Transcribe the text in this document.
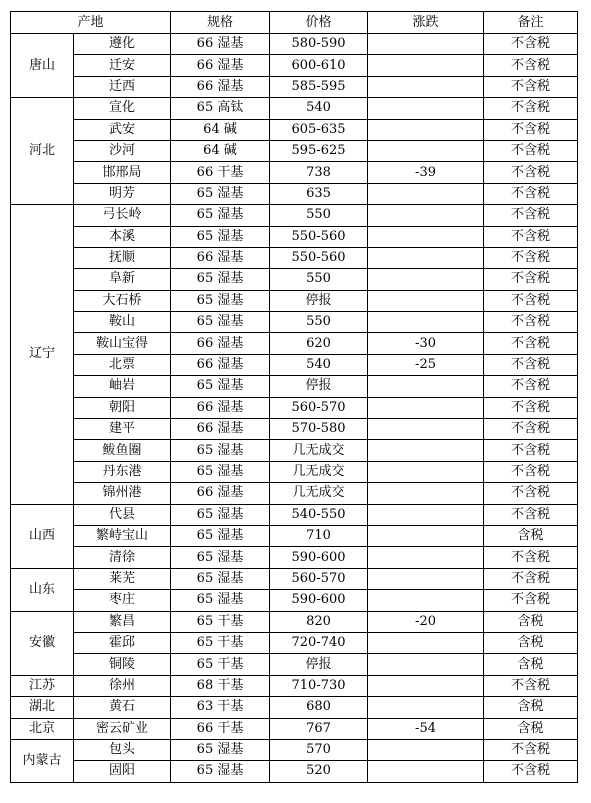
产地		规格	价格	涨跌	备注
唐山	遵化	66 湿基	580-590		不含税
	迁安	66 湿基	600-610		不含税
	迁西	66 湿基	585-595		不含税
河北	宣化	65 高钛	540		不含税
	武安	64 碱	605-635		不含税
	沙河	64 碱	595-625		不含税
	邯邢局	66 干基	738	-39	不含税
	明芳	65 湿基	635		不含税
辽宁	弓长岭	65 湿基	550		不含税
	本溪	65 湿基	550-560		不含税
	抚顺	66 湿基	550-560		不含税
	阜新	65 湿基	550		不含税
	大石桥	65 湿基	停报		不含税
	鞍山	65 湿基	550		不含税
	鞍山宝得	66 湿基	620	-30	不含税
	北票	66 湿基	540	-25	不含税
	岫岩	65 湿基	停报		不含税
	朝阳	66 湿基	560-570		不含税
	建平	66 湿基	570-580		不含税
	鲅鱼圈	65 湿基	几无成交		不含税
	丹东港	65 湿基	几无成交		不含税
	锦州港	66 湿基	几无成交		不含税
山西	代县	65 湿基	540-550		不含税
	繁峙宝山	65 湿基	710		含税
	清徐	65 湿基	590-600		不含税
山东	莱芜	65 湿基	560-570		不含税
	枣庄	65 湿基	590-600		不含税
安徽	繁昌	65 干基	820	-20	含税
	霍邱	65 干基	720-740		含税
	铜陵	65 干基	停报		含税
江苏	徐州	68 干基	710-730		不含税
湖北	黄石	63 干基	680		含税
北京	密云矿业	66 干基	767	-54	含税
内蒙古	包头	65 湿基	570		不含税
	固阳	65 湿基	520		不含税
